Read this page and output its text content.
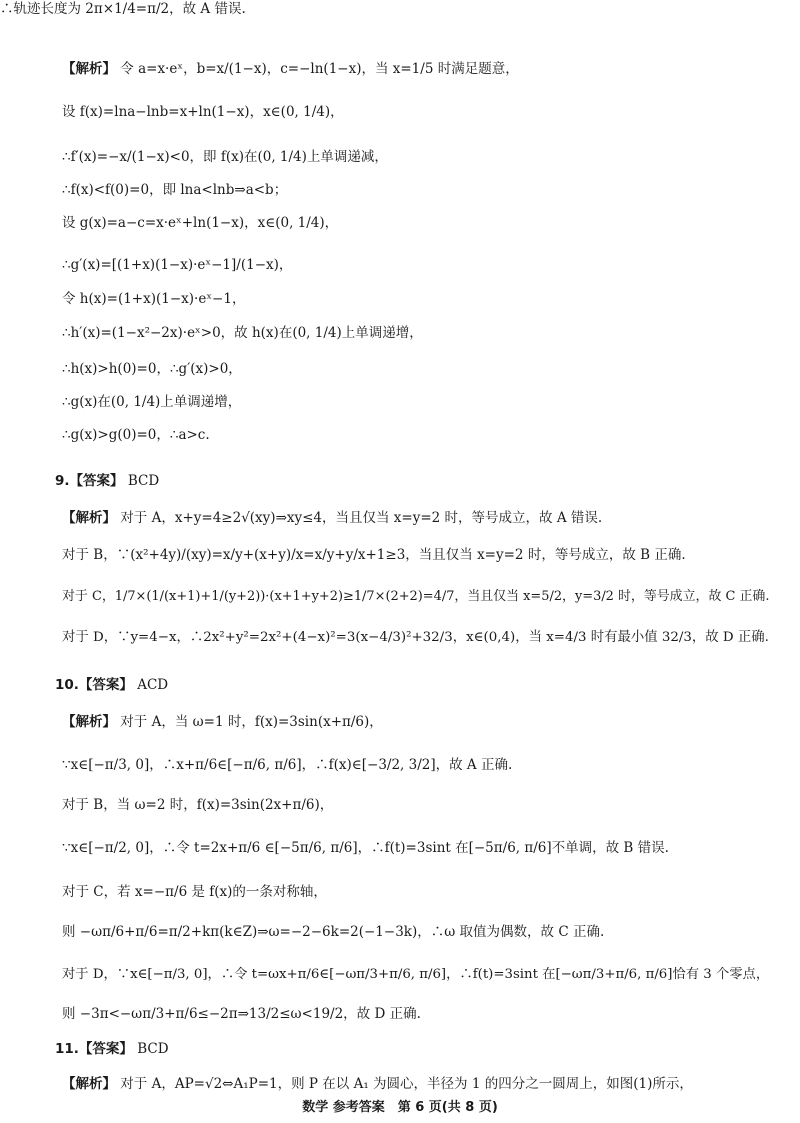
【解析】 令 a=x·eˣ，b=x/(1−x)，c=−ln(1−x)，当 x=1/5 时满足题意，
设 f(x)=lna−lnb=x+ln(1−x)，x∈(0, 1/4)，
∴f′(x)=−x/(1−x)<0，即 f(x)在(0, 1/4)上单调递减，
∴f(x)<f(0)=0，即 lna<lnb⇒a<b；
设 g(x)=a−c=x·eˣ+ln(1−x)，x∈(0, 1/4)，
∴g′(x)=[(1+x)(1−x)·eˣ−1]/(1−x)，
令 h(x)=(1+x)(1−x)·eˣ−1，
∴h′(x)=(1−x²−2x)·eˣ>0，故 h(x)在(0, 1/4)上单调递增，
∴h(x)>h(0)=0，∴g′(x)>0，
∴g(x)在(0, 1/4)上单调递增，
∴g(x)>g(0)=0，∴a>c.
9.【答案】 BCD
【解析】 对于 A，x+y=4≥2√(xy)⇒xy≤4，当且仅当 x=y=2 时，等号成立，故 A 错误.
对于 B，∵(x²+4y)/(xy)=x/y+(x+y)/x=x/y+y/x+1≥3，当且仅当 x=y=2 时，等号成立，故 B 正确.
对于 C，1/7×(1/(x+1)+1/(y+2))·(x+1+y+2)≥1/7×(2+2)=4/7，当且仅当 x=5/2，y=3/2 时，等号成立，故 C 正确.
对于 D，∵y=4−x，∴2x²+y²=2x²+(4−x)²=3(x−4/3)²+32/3，x∈(0,4)，当 x=4/3 时有最小值 32/3，故 D 正确.
10.【答案】 ACD
【解析】 对于 A，当 ω=1 时，f(x)=3sin(x+π/6)，
∵x∈[−π/3, 0]，∴x+π/6∈[−π/6, π/6]，∴f(x)∈[−3/2, 3/2]，故 A 正确.
对于 B，当 ω=2 时，f(x)=3sin(2x+π/6)，
∵x∈[−π/2, 0]，∴令 t=2x+π/6 ∈[−5π/6, π/6]，∴f(t)=3sint 在[−5π/6, π/6]不单调，故 B 错误.
对于 C，若 x=−π/6 是 f(x)的一条对称轴，
则 −ωπ/6+π/6=π/2+kπ(k∈Z)⇒ω=−2−6k=2(−1−3k)，∴ω 取值为偶数，故 C 正确.
对于 D，∵x∈[−π/3, 0]，∴令 t=ωx+π/6∈[−ωπ/3+π/6, π/6]，∴f(t)=3sint 在[−ωπ/3+π/6, π/6]恰有 3 个零点，
则 −3π<−ωπ/3+π/6≤−2π⇒13/2≤ω<19/2，故 D 正确.
11.【答案】 BCD
【解析】 对于 A，AP=√2⇔A₁P=1，则 P 在以 A₁ 为圆心，半径为 1 的四分之一圆周上，如图(1)所示，
∴轨迹长度为 2π×1/4=π/2，故 A 错误.
数学 参考答案　第 6 页(共 8 页)
